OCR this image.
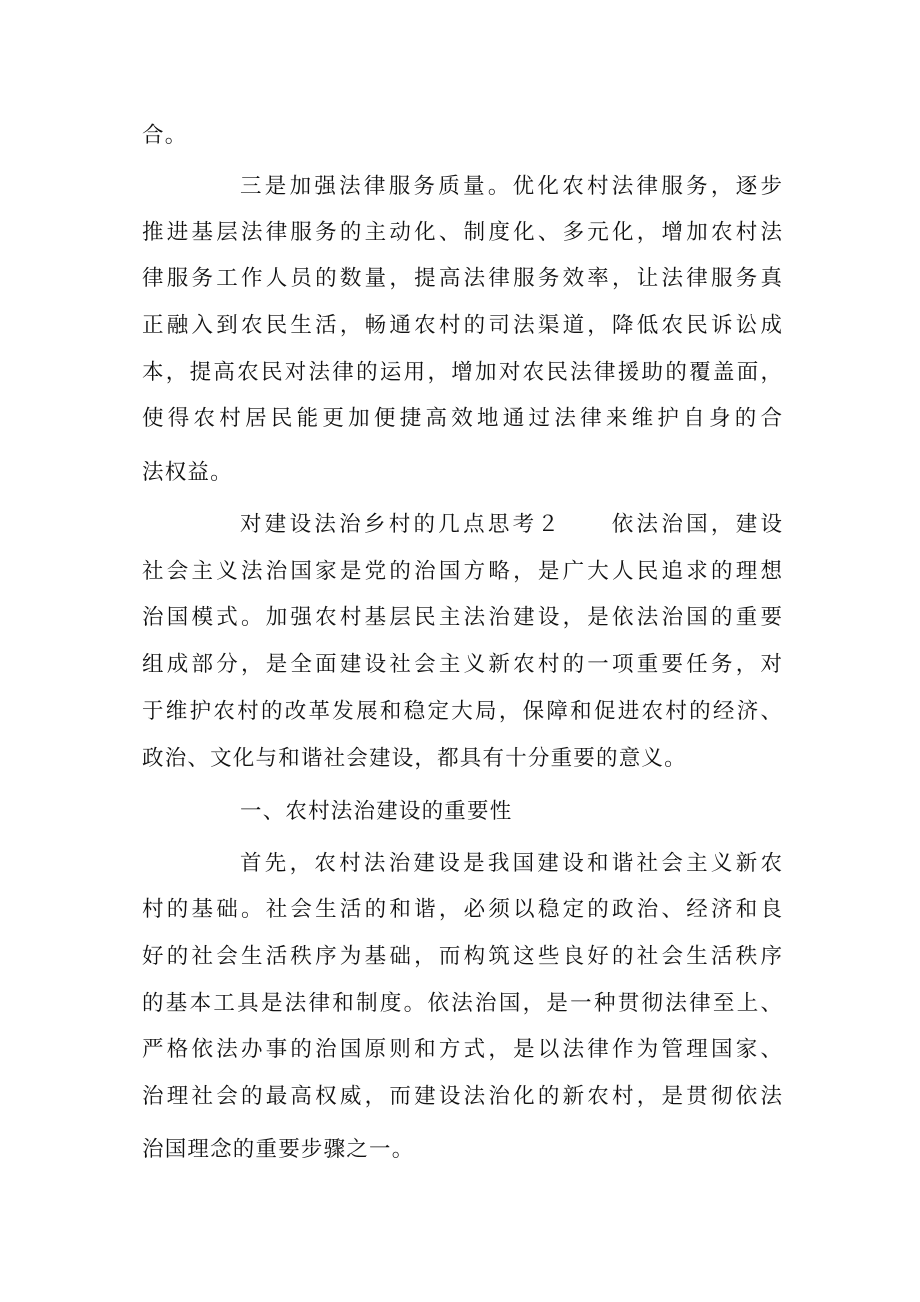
合。

三是加强法律服务质量。优化农村法律服务，逐步

推进基层法律服务的主动化、制度化、多元化，增加农村法

律服务工作人员的数量，提高法律服务效率，让法律服务真

正融入到农民生活，畅通农村的司法渠道，降低农民诉讼成

本，提高农民对法律的运用，增加对农民法律援助的覆盖面，

使得农村居民能更加便捷高效地通过法律来维护自身的合

法权益。

对建设法治乡村的几点思考２　　依法治国，建设

社会主义法治国家是党的治国方略，是广大人民追求的理想

治国模式。加强农村基层民主法治建设，是依法治国的重要

组成部分，是全面建设社会主义新农村的一项重要任务，对

于维护农村的改革发展和稳定大局，保障和促进农村的经济、

政治、文化与和谐社会建设，都具有十分重要的意义。

一、农村法治建设的重要性

首先，农村法治建设是我国建设和谐社会主义新农

村的基础。社会生活的和谐，必须以稳定的政治、经济和良

好的社会生活秩序为基础，而构筑这些良好的社会生活秩序

的基本工具是法律和制度。依法治国，是一种贯彻法律至上、

严格依法办事的治国原则和方式，是以法律作为管理国家、

治理社会的最高权威，而建设法治化的新农村，是贯彻依法

治国理念的重要步骤之一。
